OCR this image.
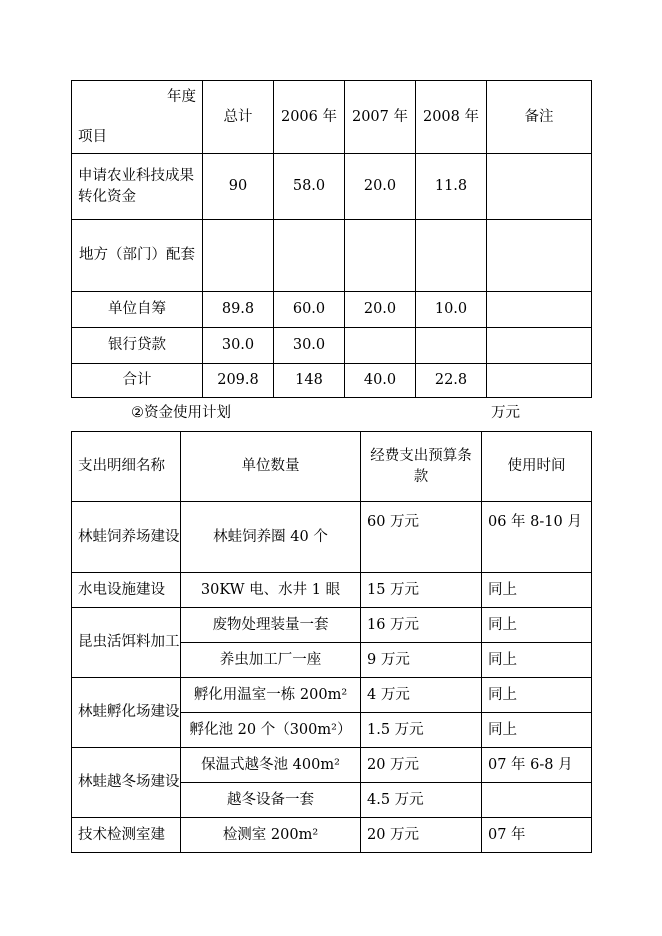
年度
项目	总计	2006 年	2007 年	2008 年	备注
申请农业科技成果转化资金	90	58.0	20.0	11.8	
地方（部门）配套					
单位自筹	89.8	60.0	20.0	10.0	
银行贷款	30.0	30.0			
合计	209.8	148	40.0	22.8	
②资金使用计划	万元
支出明细名称	单位数量	经费支出预算条款	使用时间
林蛙饲养场建设	林蛙饲养圈 40 个	60 万元	06 年 8-10 月
水电设施建设	30KW 电、水井 1 眼	15 万元	同上
昆虫活饵料加工	废物处理装量一套	16 万元	同上
	养虫加工厂一座	9 万元	同上
林蛙孵化场建设	孵化用温室一栋 200m²	4 万元	同上
	孵化池 20 个（300m²）	1.5 万元	同上
林蛙越冬场建设	保温式越冬池 400m²	20 万元	07 年 6-8 月
	越冬设备一套	4.5 万元	
技术检测室建	检测室 200m²	20 万元	07 年
